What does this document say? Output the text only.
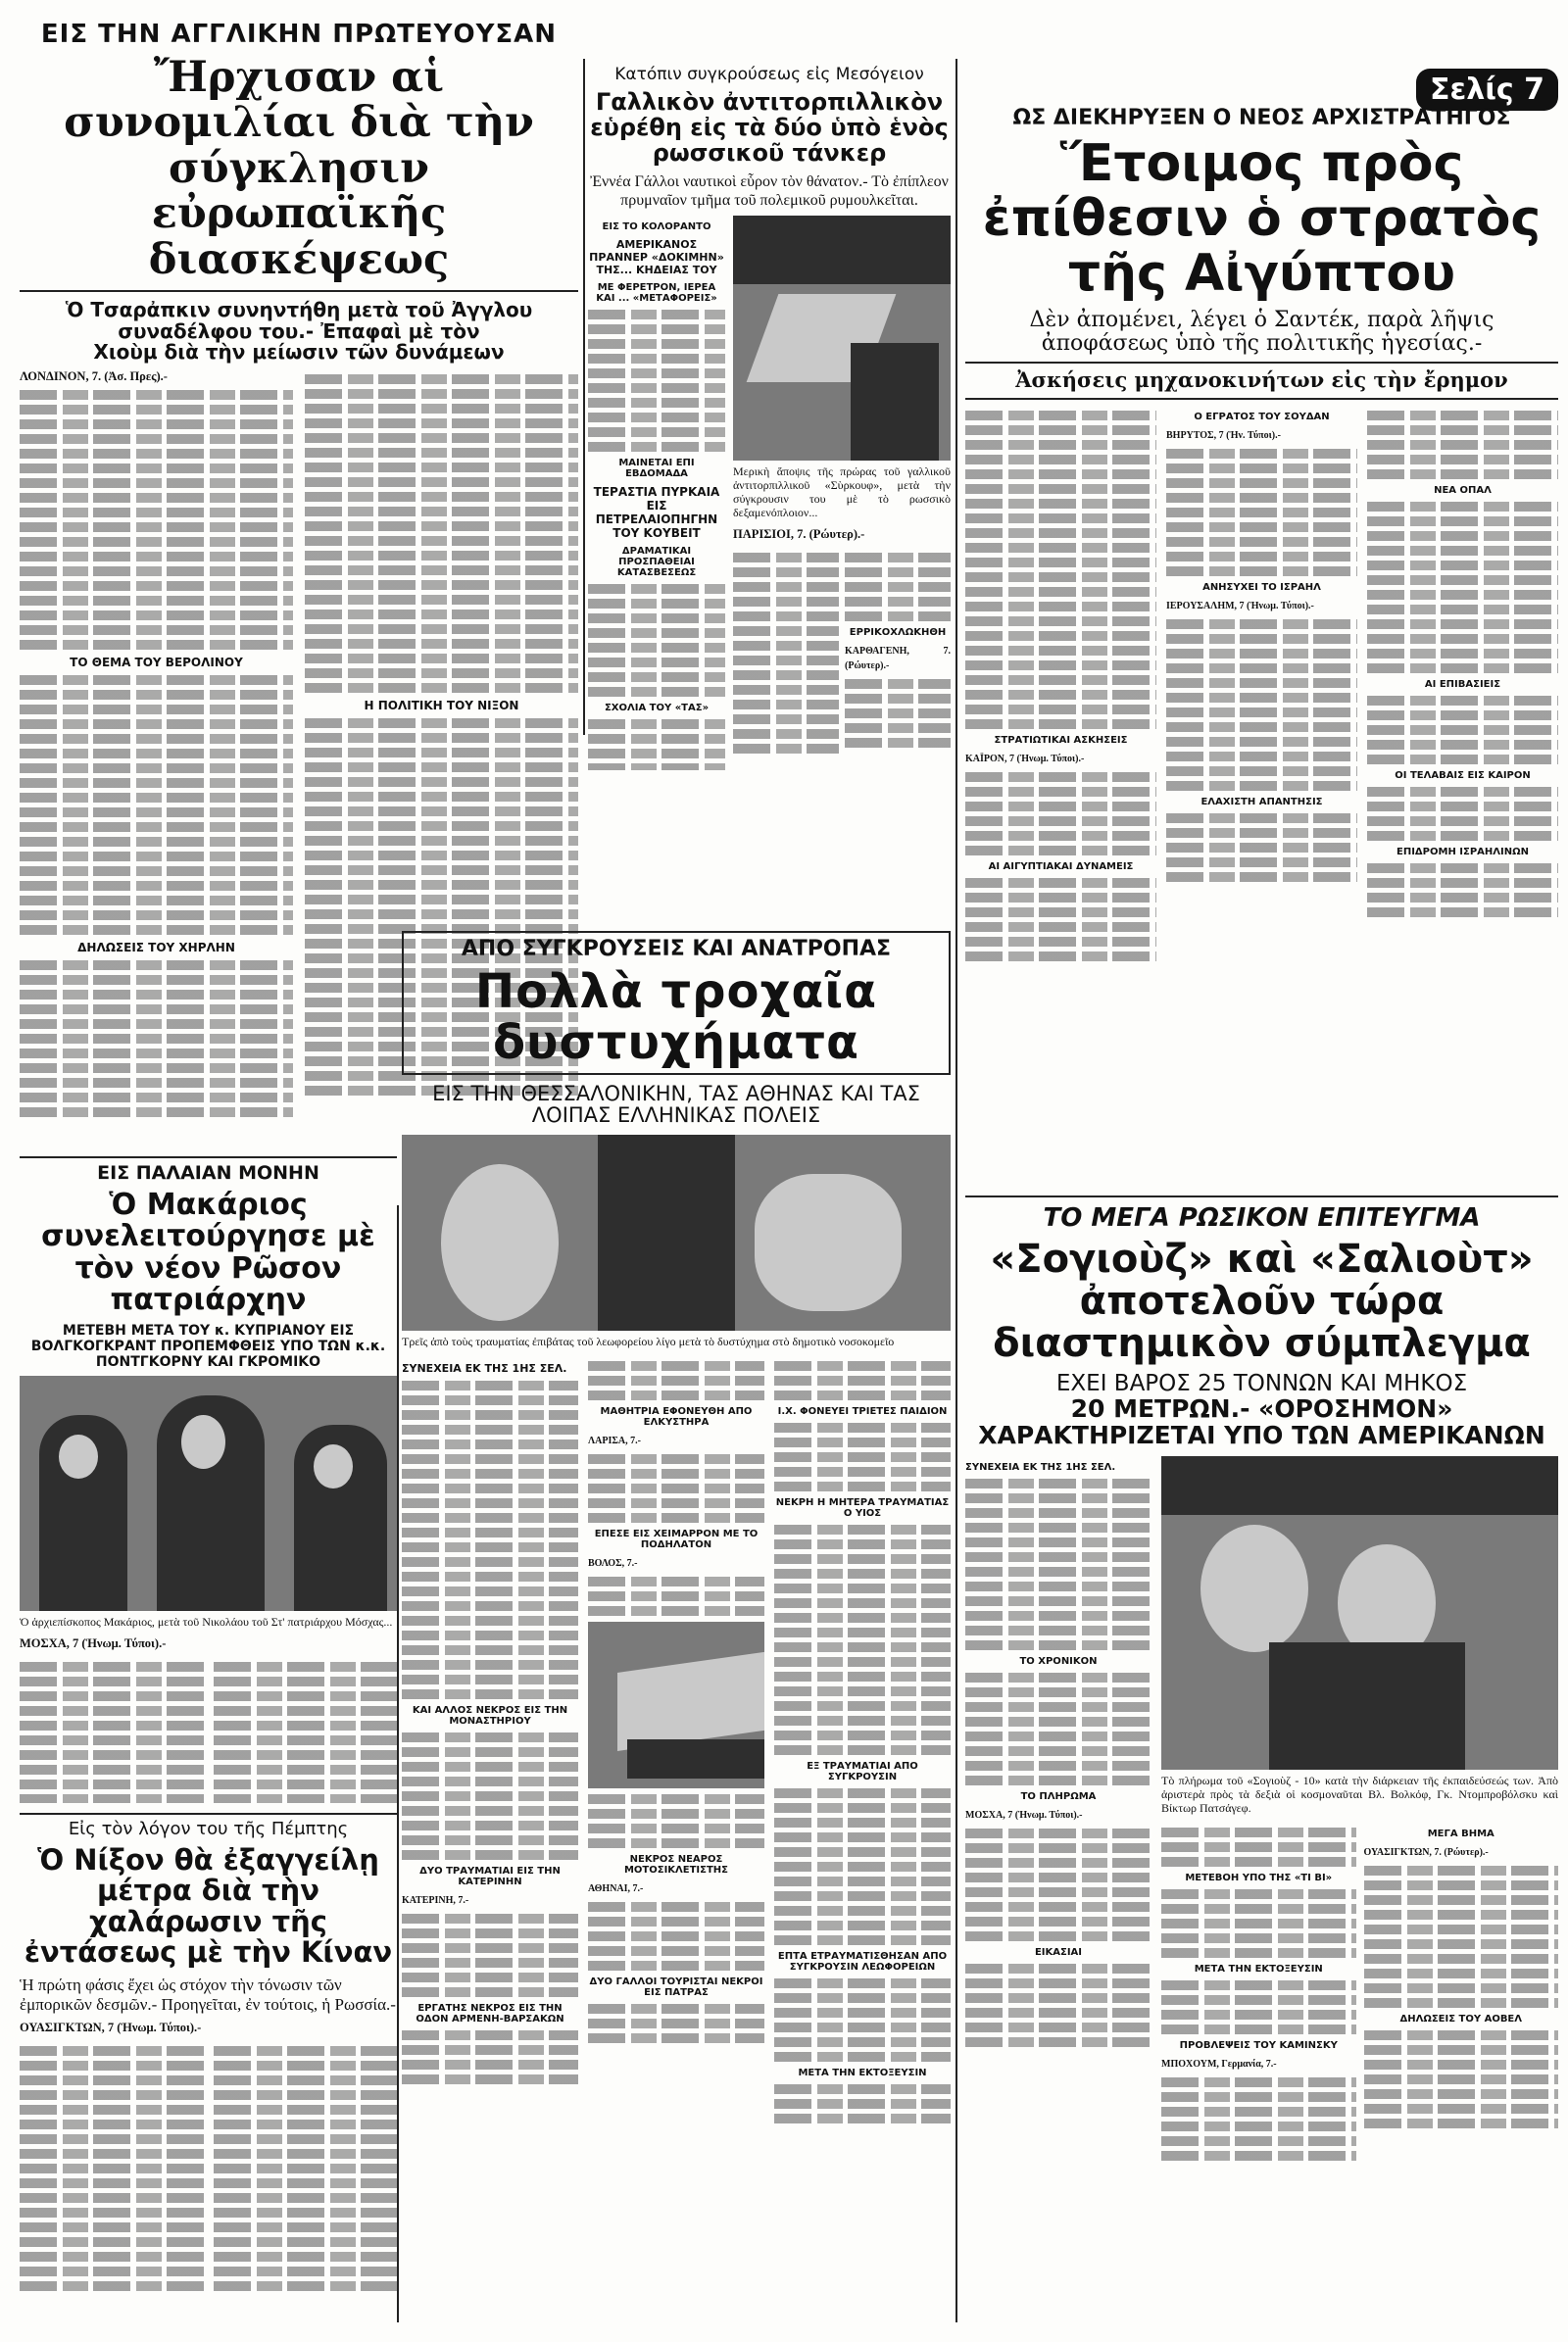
Σελίς 7
ΕΙΣ ΤΗΝ ΑΓΓΛΙΚΗΝ ΠΡΩΤΕΥΟΥΣΑΝ
Ἤρχισαν αἱ συνομιλίαι διὰ τὴν σύγκλησιν εὐρωπαϊκῆς διασκέψεως
Ὁ Τσαρἀπκιν συνηντήθη μετὰ τοῦ Ἀγγλου συναδέλφου του.- Ἐπαφαὶ μὲ τὸν
Χιοὺμ διὰ τὴν μείωσιν τῶν δυνάμεων

ΛΟΝΔΙΝΟΝ, 7. (Ἀσ. Πρες).-

ΤΟ ΘΕΜΑ ΤΟΥ ΒΕΡΟΛΙΝΟΥ
ΔΗΛΩΣΕΙΣ ΤΟΥ ΧΗΡΛΗΝ
Η ΠΟΛΙΤΙΚΗ ΤΟΥ ΝΙΞΟΝ
ΕΙΣ ΠΑΛΑΙΑΝ ΜΟΝΗΝ
Ὁ Μακάριος συνελειτούργησε μὲ τὸν νέον Ρῶσον πατριάρχην
ΜΕΤΕΒΗ ΜΕΤΑ ΤΟΥ κ. ΚΥΠΡΙΑΝΟΥ ΕΙΣ ΒΟΛΓΚΟΓΚΡΑΝΤ ΠΡΟΠΕΜΦΘΕΙΣ ΥΠΟ ΤΩΝ κ.κ. ΠΟΝΤΓΚΟΡΝΥ ΚΑΙ ΓΚΡΟΜΙΚΟ

Ὁ ἀρχιεπίσκοπος Μακάριος, μετὰ τοῦ Νικολάου τοῦ Στ' πατριάρχου Μόσχας...

ΜΟΣΧΑ, 7 (Ἡνωμ. Τύποι).-

Εἰς τὸν λόγον του τῆς Πέμπτης
Ὁ Νίξον θὰ ἐξαγγείλῃ μέτρα διὰ τὴν χαλάρωσιν τῆς ἐντάσεως μὲ τὴν Κίναν

Ἡ πρώτη φάσις ἔχει ὡς στόχον τὴν τόνωσιν τῶν ἐμπορικῶν δεσμῶν.- Προηγεῖται, ἐν τούτοις, ἡ Ρωσσία.-

ΟΥΑΣΙΓΚΤΩΝ, 7 (Ἡνωμ. Τύποι).-

Κατόπιν συγκρούσεως εἰς Μεσόγειον
Γαλλικὸν ἀντιτορπιλλικὸν εὑρέθη εἰς τὰ δύο ὑπὸ ἑνὸς ρωσσικοῦ τάνκερ

Ἐννέα Γάλλοι ναυτικοὶ εὗρον τὸν θάνατον.- Τὸ ἐπίπλεον πρυμναῖον τμῆμα τοῦ πολεμικοῦ ρυμουλκεῖται.

ΕΙΣ ΤΟ ΚΟΛΟΡΑΝΤΟ
ΑΜΕΡΙΚΑΝΟΣ ΠΡΑΝΝΕΡ «ΔΟΚΙΜΗΝ» ΤΗΣ... ΚΗΔΕΙΑΣ ΤΟΥ
ΜΕ ΦΕΡΕΤΡΟΝ, ΙΕΡΕΑ ΚΑΙ ... «ΜΕΤΑΦΟΡΕΙΣ»
ΜΑΙΝΕΤΑΙ ΕΠΙ ΕΒΔΟΜΑΔΑ
ΤΕΡΑΣΤΙΑ ΠΥΡΚΑΙΑ ΕΙΣ ΠΕΤΡΕΛΑΙΟΠΗΓΗΝ ΤΟΥ ΚΟΥΒΕΙΤ
ΔΡΑΜΑΤΙΚΑΙ ΠΡΟΣΠΑΘΕΙΑΙ ΚΑΤΑΣΒΕΣΕΩΣ
ΣΧΟΛΙΑ ΤΟΥ «ΤΑΣ»

Μερικὴ ἄποψις τῆς πρώρας τοῦ γαλλικοῦ ἀντιτορπιλλικοῦ «Σὺρκουφ», μετὰ τὴν σύγκρουσιν του μὲ τὸ ρωσσικὸ δεξαμενόπλοιον...

ΠΑΡΙΣΙΟΙ, 7. (Ρώυτερ).-

ΕΡΡΙΚΟΧΛΩΚΗΘΗ

ΚΑΡΘΑΓΕΝΗ, 7. (Ρώυτερ).-

ΑΠΟ ΣΥΓΚΡΟΥΣΕΙΣ ΚΑΙ ΑΝΑΤΡΟΠΑΣ
Πολλὰ τροχαῖα δυστυχήματα
ΕΙΣ ΤΗΝ ΘΕΣΣΑΛΟΝΙΚΗΝ, ΤΑΣ ΑΘΗΝΑΣ ΚΑΙ ΤΑΣ ΛΟΙΠΑΣ ΕΛΛΗΝΙΚΑΣ ΠΟΛΕΙΣ

Τρεῖς ἀπὸ τοὺς τραυματίας ἐπιβάτας τοῦ λεωφορείου λίγο μετὰ τὸ δυστύχημα στὸ δημοτικὸ νοσοκομεῖο

ΣΥΝΕΧΕΙΑ ΕΚ ΤΗΣ 1ΗΣ ΣΕΛ.
ΚΑΙ ΑΛΛΟΣ ΝΕΚΡΟΣ ΕΙΣ ΤΗΝ ΜΟΝΑΣΤΗΡΙΟΥ
ΔΥΟ ΤΡΑΥΜΑΤΙΑΙ ΕΙΣ ΤΗΝ ΚΑΤΕΡΙΝΗΝ

ΚΑΤΕΡΙΝΗ, 7.-

ΕΡΓΑΤΗΣ ΝΕΚΡΟΣ ΕΙΣ ΤΗΝ ΟΔΟΝ ΑΡΜΕΝΗ-ΒΑΡΣΑΚΩΝ
ΜΑΘΗΤΡΙΑ ΕΦΟΝΕΥΘΗ ΑΠΟ ΕΛΚΥΣΤΗΡΑ

ΛΑΡΙΣΑ, 7.-

ΕΠΕΣΕ ΕΙΣ ΧΕΙΜΑΡΡΟΝ ΜΕ ΤΟ ΠΟΔΗΛΑΤΟΝ

ΒΟΛΟΣ, 7.-

ΝΕΚΡΟΣ ΝΕΑΡΟΣ ΜΟΤΟΣΙΚΛΕΤΙΣΤΗΣ

ΑΘΗΝΑΙ, 7.-

ΔΥΟ ΓΑΛΛΟΙ ΤΟΥΡΙΣΤΑΙ ΝΕΚΡΟΙ ΕΙΣ ΠΑΤΡΑΣ
Ι.Χ. ΦΟΝΕΥΕΙ ΤΡΙΕΤΕΣ ΠΑΙΔΙΟΝ
ΝΕΚΡΗ Η ΜΗΤΕΡΑ ΤΡΑΥΜΑΤΙΑΣ Ο ΥΙΟΣ
ΕΞ ΤΡΑΥΜΑΤΙΑΙ ΑΠΟ ΣΥΓΚΡΟΥΣΙΝ
ΕΠΤΑ ΕΤΡΑΥΜΑΤΙΣΘΗΣΑΝ ΑΠΟ ΣΥΓΚΡΟΥΣΙΝ ΛΕΩΦΟΡΕΙΩΝ
ΜΕΤΑ ΤΗΝ ΕΚΤΟΞΕΥΣΙΝ
ΩΣ ΔΙΕΚΗΡΥΞΕΝ Ο ΝΕΟΣ ΑΡΧΙΣΤΡΑΤΗΓΟΣ
Ἕτοιμος πρὸς ἐπίθεσιν ὁ στρατὸς τῆς Αἰγύπτου
Δὲν ἀπομένει, λέγει ὁ Σαντέκ, παρὰ λῆψις ἀποφάσεως ὑπὸ τῆς πολιτικῆς ἡγεσίας.-
Ἀσκήσεις μηχανοκινήτων εἰς τὴν ἔρημον
ΣΤΡΑΤΙΩΤΙΚΑΙ ΑΣΚΗΣΕΙΣ

ΚΑΪΡΟΝ, 7 (Ἡνωμ. Τύποι).-

ΑΙ ΑΙΓΥΠΤΙΑΚΑΙ ΔΥΝΑΜΕΙΣ
Ο ΕΓΡΑΤΟΣ ΤΟΥ ΣΟΥΔΑΝ

ΒΗΡΥΤΟΣ, 7 (Ἡν. Τύποι).-

ΑΝΗΣΥΧΕΙ ΤΟ ΙΣΡΑΗΛ

ΙΕΡΟΥΣΑΛΗΜ, 7 (Ἡνωμ. Τύποι).-

ΕΛΑΧΙΣΤΗ ΑΠΑΝΤΗΣΙΣ
ΝΕΑ ΟΠΑΛ
ΑΙ ΕΠΙΒΑΣΙΕΙΣ
ΟΙ ΤΕΛΑΒΑΙΣ ΕΙΣ ΚΑΙΡΟΝ
ΕΠΙΔΡΟΜΗ ΙΣΡΑΗΛΙΝΩΝ
ΤΟ ΜΕΓΑ ΡΩΣΙΚΟΝ ΕΠΙΤΕΥΓΜΑ
«Σογιοὺζ» καὶ «Σαλιοὺτ» ἀποτελοῦν τώρα διαστημικὸν σύμπλεγμα
ΕΧΕΙ ΒΑΡΟΣ 25 ΤΟΝΝΩΝ ΚΑΙ ΜΗΚΟΣ
20 ΜΕΤΡΩΝ.- «ΟΡΟΣΗΜΟΝ» ΧΑΡΑΚΤΗΡΙΖΕΤΑΙ ΥΠΟ ΤΩΝ ΑΜΕΡΙΚΑΝΩΝ
ΣΥΝΕΧΕΙΑ ΕΚ ΤΗΣ 1ΗΣ ΣΕΛ.
ΤΟ ΧΡΟΝΙΚΟΝ
ΤΟ ΠΛΗΡΩΜΑ

ΜΟΣΧΑ, 7 (Ἡνωμ. Τύποι).-

ΕΙΚΑΣΙΑΙ

Τὸ πλήρωμα τοῦ «Σογιοὺζ - 10» κατὰ τὴν διάρκειαν τῆς ἐκπαιδεύσεώς των. Ἀπὸ ἀριστερὰ πρὸς τὰ δεξιὰ οἱ κοσμοναῦται Βλ. Βολκόφ, Γκ. Ντομπροβόλσκυ καὶ Βίκτωρ Πατσάγεφ.

ΜΕΤΕΒΟΗ ΥΠΟ ΤΗΣ «ΤΙ ΒΙ»
ΜΕΤΑ ΤΗΝ ΕΚΤΟΞΕΥΣΙΝ
ΠΡΟΒΛΕΨΕΙΣ ΤΟΥ ΚΑΜΙΝΣΚΥ

ΜΠΟΧΟΥΜ, Γερμανία, 7.-

ΜΕΓΑ ΒΗΜΑ

ΟΥΑΣΙΓΚΤΩΝ, 7. (Ρώυτερ).-

ΔΗΛΩΣΕΙΣ ΤΟΥ ΑΟΒΕΛ
